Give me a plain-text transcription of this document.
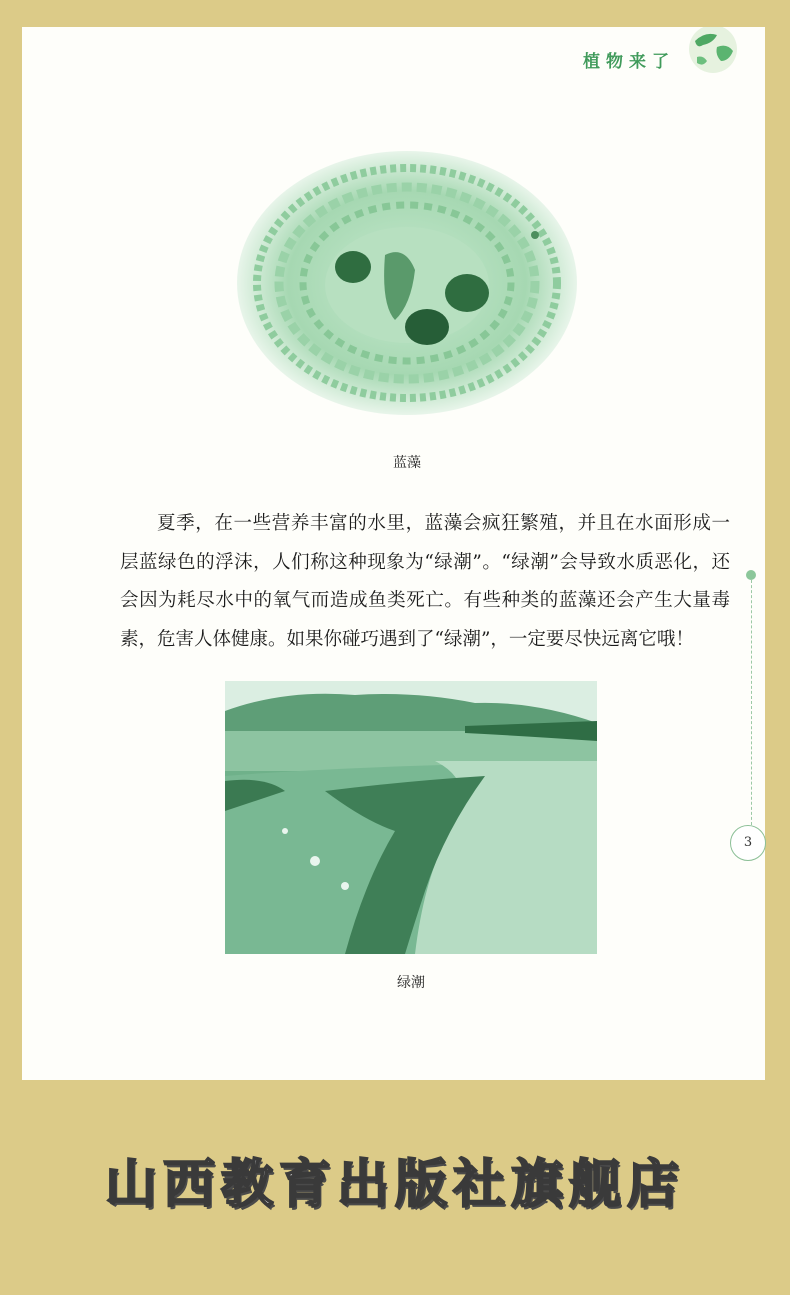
植物来了
蓝藻

夏季，在一些营养丰富的水里，蓝藻会疯狂繁殖，并且在水面形成一层蓝绿色的浮沫，人们称这种现象为“绿潮”。“绿潮”会导致水质恶化，还会因为耗尽水中的氧气而造成鱼类死亡。有些种类的蓝藻还会产生大量毒素，危害人体健康。如果你碰巧遇到了“绿潮”，一定要尽快远离它哦！

绿潮
3
山西教育出版社旗舰店
